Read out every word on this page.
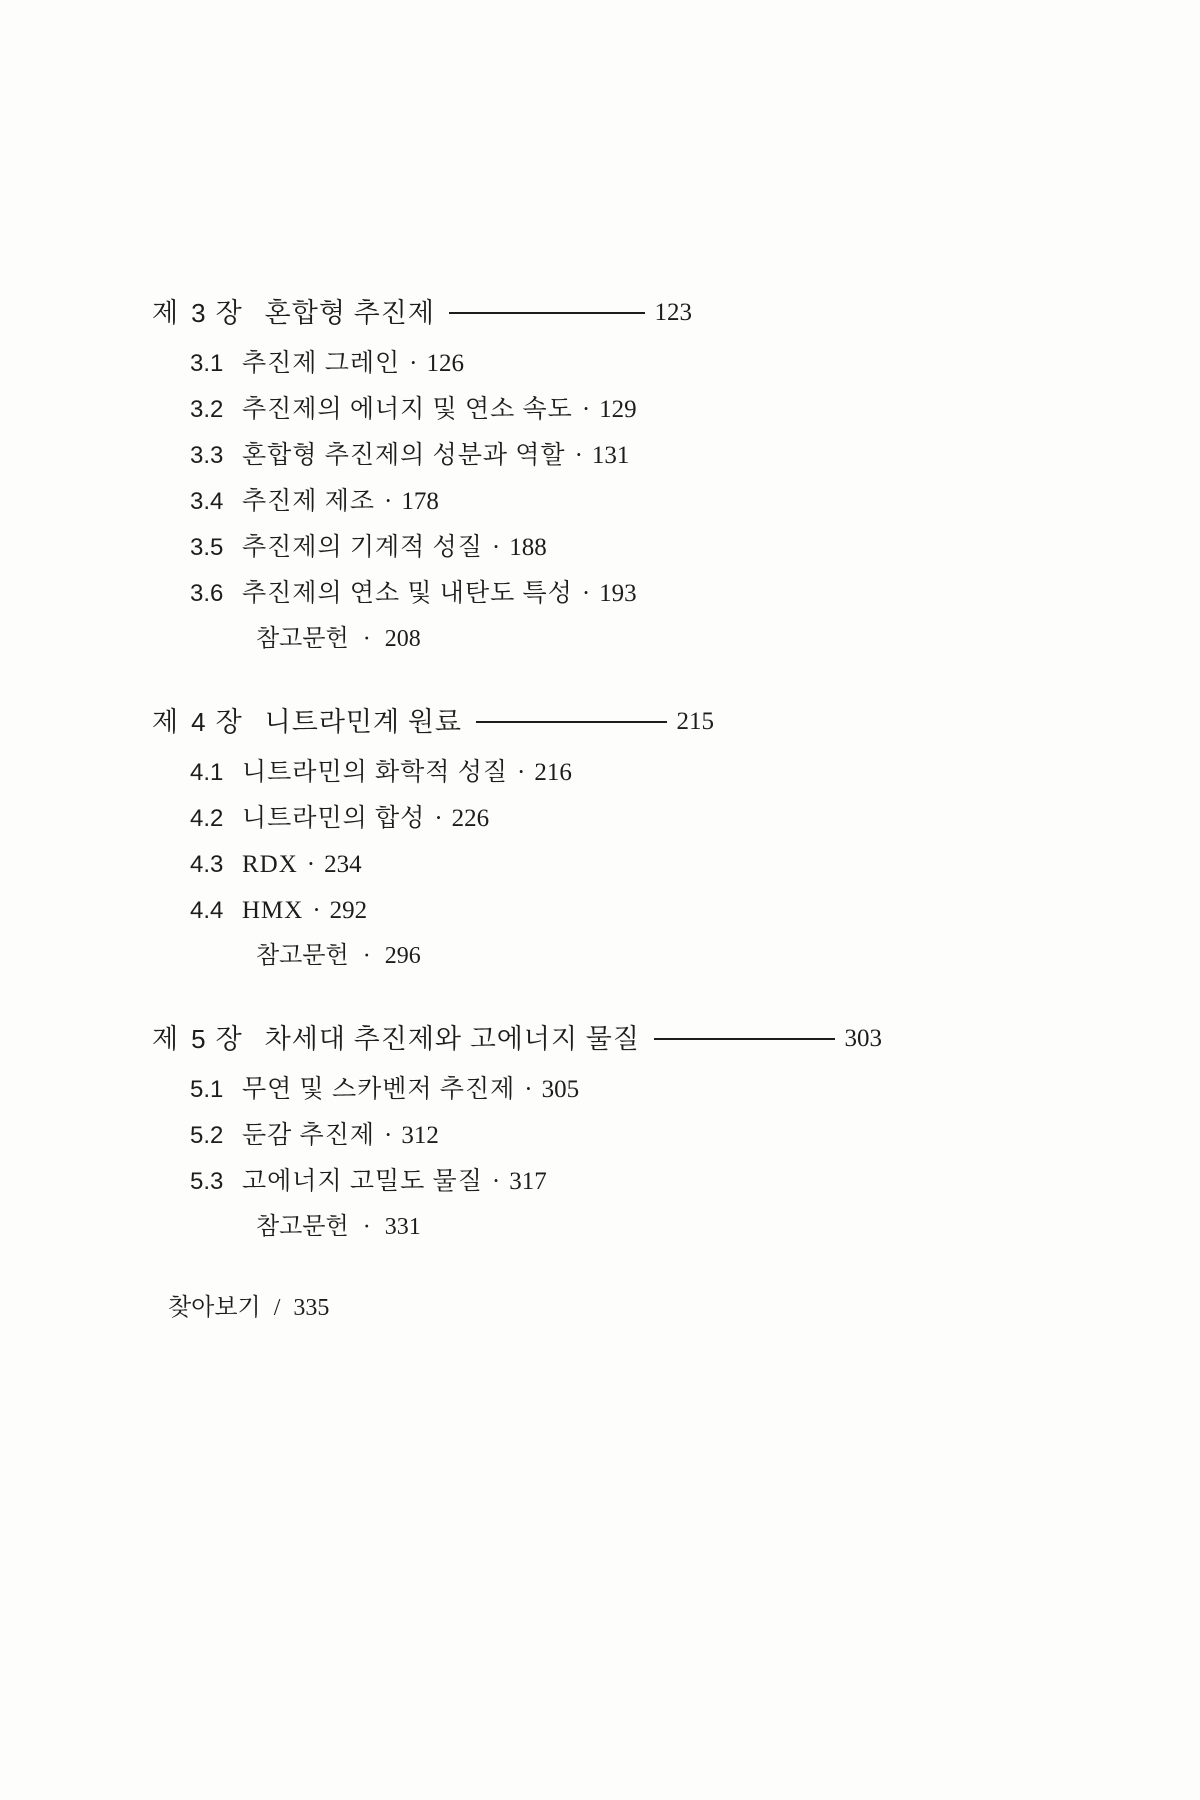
제 3 장 혼합형 추진제	123
3.1 추진제 그레인 · 126
3.2 추진제의 에너지 및 연소 속도 · 129
3.3 혼합형 추진제의 성분과 역할 · 131
3.4 추진제 제조 · 178
3.5 추진제의 기계적 성질 · 188
3.6 추진제의 연소 및 내탄도 특성 · 193
참고문헌 · 208
제 4 장 니트라민계 원료	215
4.1 니트라민의 화학적 성질 · 216
4.2 니트라민의 합성 · 226
4.3 RDX · 234
4.4 HMX · 292
참고문헌 · 296
제 5 장 차세대 추진제와 고에너지 물질	303
5.1 무연 및 스카벤저 추진제 · 305
5.2 둔감 추진제 · 312
5.3 고에너지 고밀도 물질 · 317
참고문헌 · 331
찾아보기 / 335
